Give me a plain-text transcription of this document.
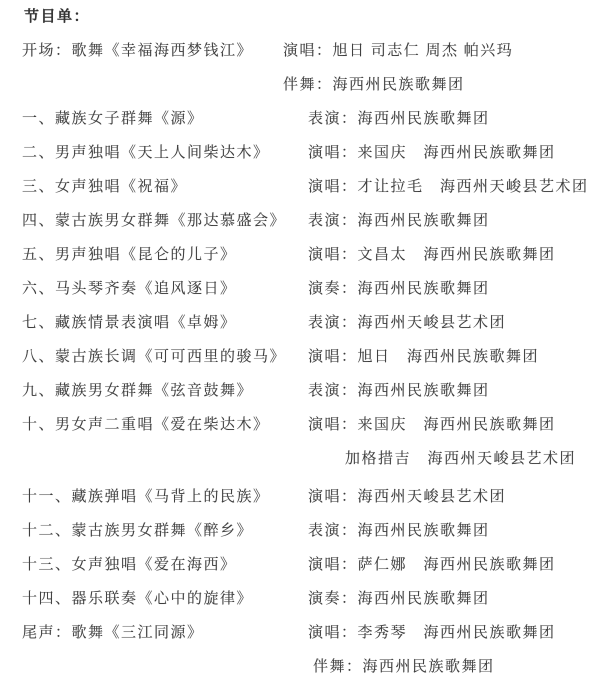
节目单：
开场：歌舞《幸福海西梦钱江》 演唱：旭日 司志仁 周杰 帕兴玛
伴舞：海西州民族歌舞团
一、藏族女子群舞《源》	表演：海西州民族歌舞团
二、男声独唱《天上人间柴达木》	演唱：来国庆　海西州民族歌舞团
三、女声独唱《祝福》	演唱：才让拉毛　海西州天峻县艺术团
四、蒙古族男女群舞《那达慕盛会》 表演：海西州民族歌舞团
五、男声独唱《昆仑的儿子》	演唱：文昌太　海西州民族歌舞团
六、马头琴齐奏《追风逐日》	演奏：海西州民族歌舞团
七、藏族情景表演唱《卓姆》	表演：海西州天峻县艺术团
八、蒙古族长调《可可西里的骏马》 演唱：旭日　海西州民族歌舞团
九、藏族男女群舞《弦音鼓舞》	表演：海西州民族歌舞团
十、男女声二重唱《爱在柴达木》	演唱：来国庆　海西州民族歌舞团
加格措吉　海西州天峻县艺术团
十一、藏族弹唱《马背上的民族》	演唱：海西州天峻县艺术团
十二、蒙古族男女群舞《醉乡》	表演：海西州民族歌舞团
十三、女声独唱《爱在海西》	演唱：萨仁娜　海西州民族歌舞团
十四、器乐联奏《心中的旋律》	演奏：海西州民族歌舞团
尾声：歌舞《三江同源》	演唱：李秀琴　海西州民族歌舞团
伴舞：海西州民族歌舞团
